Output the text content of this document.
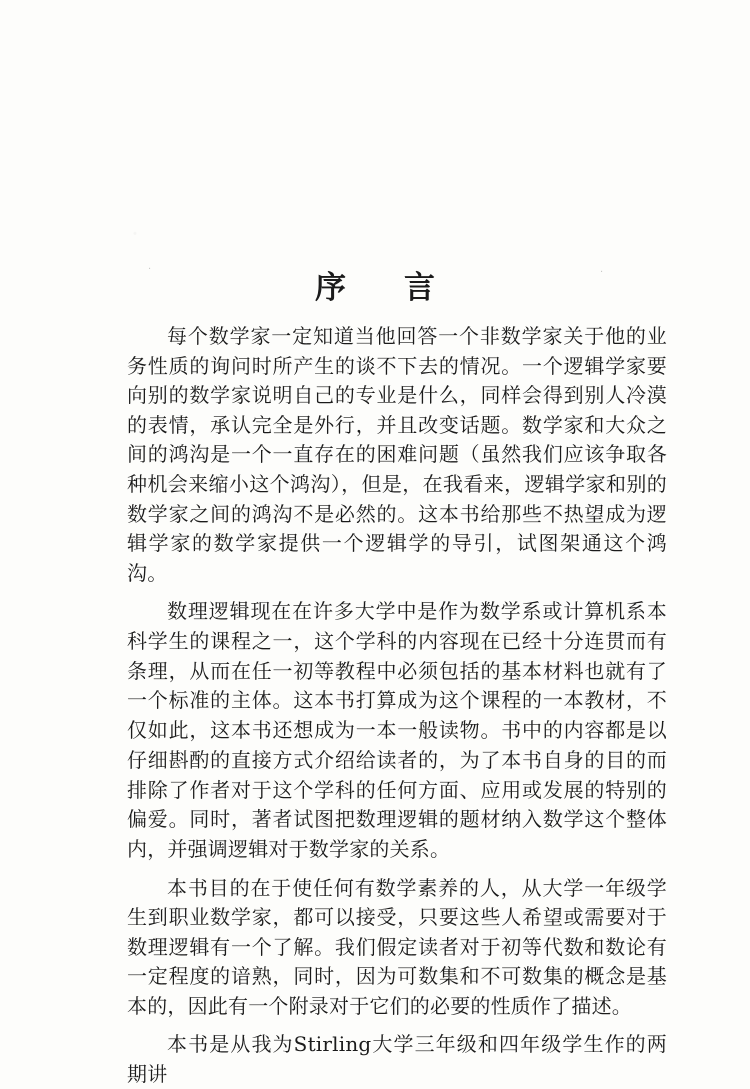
·	·
序言

每个数学家一定知道当他回答一个非数学家关于他的业务性质的询问时所产生的谈不下去的情况。一个逻辑学家要向别的数学家说明自己的专业是什么，同样会得到别人冷漠的表情，承认完全是外行，并且改变话题。数学家和大众之间的鸿沟是一个一直存在的困难问题（虽然我们应该争取各种机会来缩小这个鸿沟），但是，在我看来，逻辑学家和别的数学家之间的鸿沟不是必然的。这本书给那些不热望成为逻辑学家的数学家提供一个逻辑学的导引，试图架通这个鸿沟。

数理逻辑现在在许多大学中是作为数学系或计算机系本科学生的课程之一，这个学科的内容现在已经十分连贯而有条理，从而在任一初等教程中必须包括的基本材料也就有了一个标准的主体。这本书打算成为这个课程的一本教材，不仅如此，这本书还想成为一本一般读物。书中的内容都是以仔细斟酌的直接方式介绍给读者的，为了本书自身的目的而排除了作者对于这个学科的任何方面、应用或发展的特别的偏爱。同时，著者试图把数理逻辑的题材纳入数学这个整体内，并强调逻辑对于数学家的关系。

本书目的在于使任何有数学素养的人，从大学一年级学生到职业数学家，都可以接受，只要这些人希望或需要对于数理逻辑有一个了解。我们假定读者对于初等代数和数论有一定程度的谙熟，同时，因为可数集和不可数集的概念是基本的，因此有一个附录对于它们的必要的性质作了描述。

本书是从我为Stirling大学三年级和四年级学生作的两期讲
